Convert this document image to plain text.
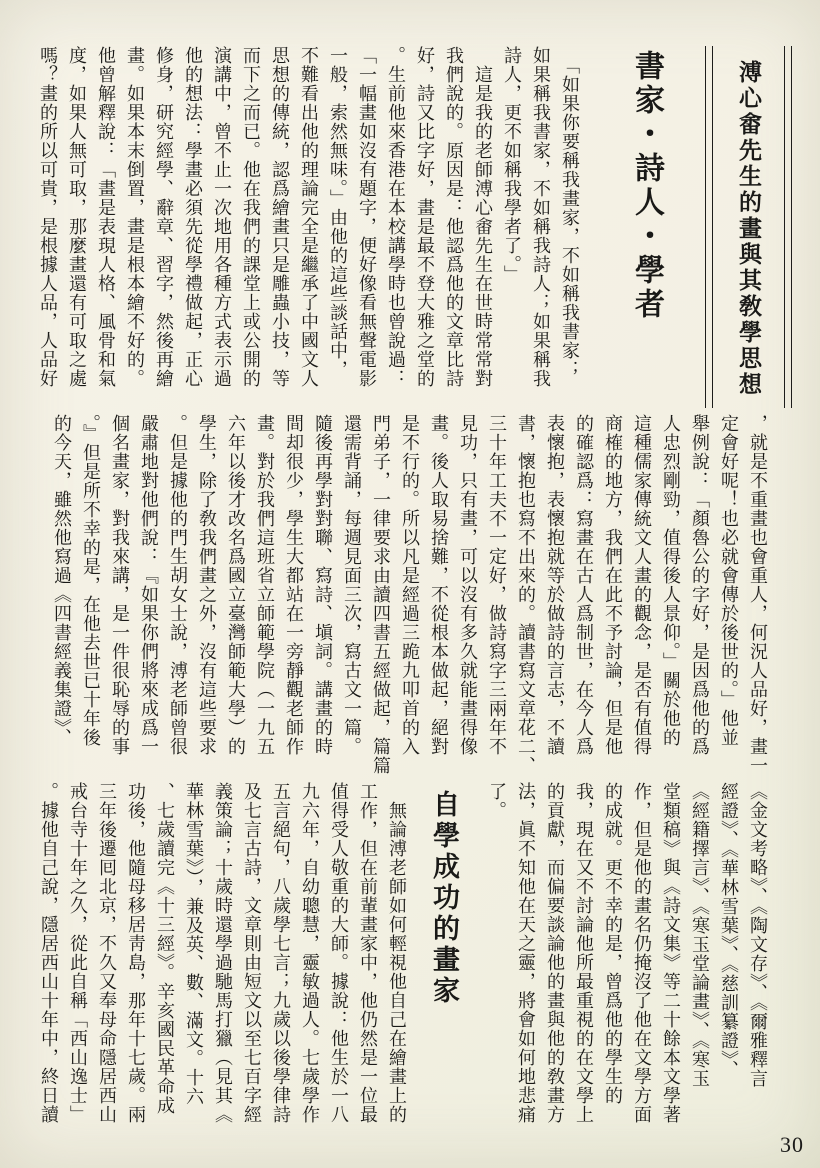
溥心畬先生的畫與其敎學思想
書家・詩人・學者
　「如果你要稱我畫家，不如稱我書家；
如果稱我書家，不如稱我詩人；如果稱我
詩人，更不如稱我學者了。」
　這是我的老師溥心畬先生在世時常常對
我們說的。原因是：他認爲他的文章比詩
好，詩又比字好，畫是最不登大雅之堂的
。生前他來香港在本校講學時也曾說過：
「一幅畫如沒有題字，便好像看無聲電影
一般，索然無味。」由他的這些談話中，
不難看出他的理論完全是繼承了中國文人
思想的傳統，認爲繪畫只是雕蟲小技，等
而下之而已。他在我們的課堂上或公開的
演講中，曾不止一次地用各種方式表示過
他的想法：學畫必須先從學禮做起，正心
修身，研究經學、辭章、習字，然後再繪
畫。如果本末倒置，畫是根本繪不好的。
他曾解釋說：「畫是表現人格、風骨和氣
度，如果人無可取，那麼畫還有可取之處
嗎？畫的所以可貴，是根據人品，人品好
，就是不重畫也會重人，何況人品好，畫一
定會好呢！也必就會傳於後世的。」他並
舉例說：「顏魯公的字好，是因爲他的爲
人忠烈剛勁，值得後人景仰。」關於他的
這種儒家傳統文人畫的觀念，是否有值得
商榷的地方，我們在此不予討論，但是他
的確認爲：寫畫在古人爲制世，在今人爲
表懷抱，表懷抱就等於做詩的言志，不讀
書，懷抱也寫不出來的。讀書寫文章花二、
三十年工夫不一定好，做詩寫字三兩年不
見功，只有畫，可以沒有多久就能畫得像
畫。後人取易捨難，不從根本做起，絕對
是不行的。所以凡是經過三跪九叩首的入
門弟子，一律要求由讀四書五經做起，篇篇
還需背誦，每週見面三次，寫古文一篇。
隨後再學對對聯、寫詩、塡詞。講畫的時
間却很少，學生大都站在一旁靜觀老師作
畫。對於我們這班省立師範學院（一九五
六年以後才改名爲國立臺灣師範大學）的
學生，除了敎我們畫之外，沒有這些要求
。但是據他的門生胡女士說，溥老師曾很
嚴肅地對他們說：『如果你們將來成爲一
個名畫家，對我來講，是一件很恥辱的事
。』但是所不幸的是，在他去世已十年後
的今天，雖然他寫過《四書經義集證》、
《金文考略》、《陶文存》、《爾雅釋言
經證》、《華林雪葉》、《慈訓纂證》、
《經籍擇言》、《寒玉堂論畫》、《寒玉
堂類稿》與《詩文集》等二十餘本文學著
作，但是他的畫名仍掩沒了他在文學方面
的成就。更不幸的是，曾爲他的學生的
我，現在又不討論他所最重視的在文學上
的貢獻，而偏要談論他的畫與他的敎畫方
法，眞不知他在天之靈，將會如何地悲痛
了。
自學成功的畫家
　無論溥老師如何輕視他自己在繪畫上的
工作，但在前輩畫家中，他仍然是一位最
值得受人敬重的大師。據說：他生於一八
九六年，自幼聰慧，靈敏過人。七歲學作
五言絕句，八歲學七言；九歲以後學律詩
及七言古詩，文章則由短文以至七百字經
義策論；十歲時還學過馳馬打獵（見其《
華林雪葉》），兼及英、數、滿文。十六
、七歲讀完《十三經》。辛亥國民革命成
功後，他隨母移居靑島，那年十七歲。兩
三年後遷囘北京，不久又奉母命隱居西山
戒台寺十年之久，從此自稱「西山逸士」
。據他自己說，隱居西山十年中，終日讀
30
